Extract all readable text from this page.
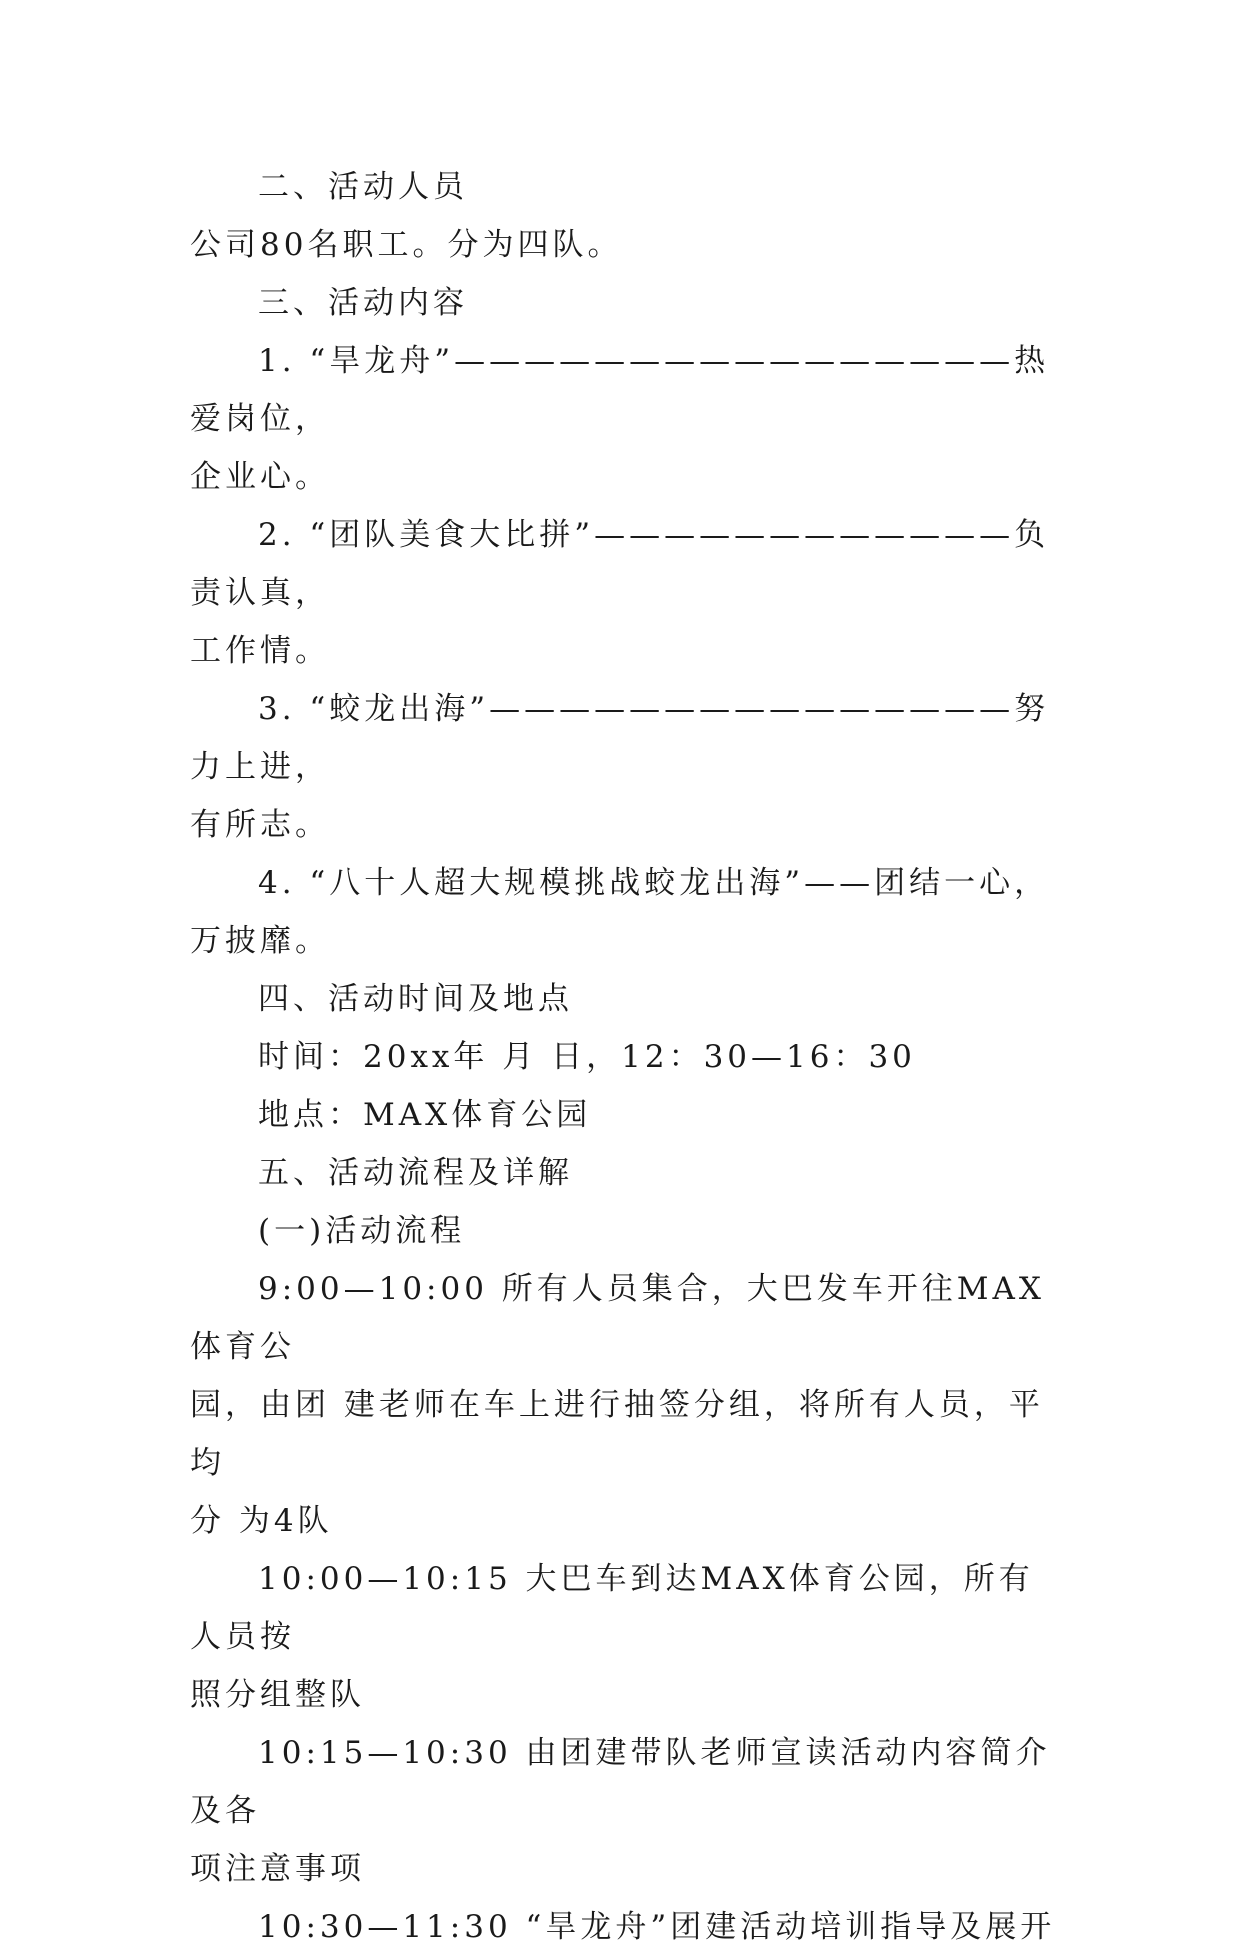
二、活动人员

公司80名职工。分为四队。

三、活动内容

1. “旱龙舟”————————————————热爱岗位，

企业心。

2. “团队美食大比拼”————————————负责认真，

工作情。

3. “蛟龙出海”———————————————努力上进，

有所志。

4. “八十人超大规模挑战蛟龙出海”——团结一心，

万披靡。

四、活动时间及地点

时间：20xx年 月 日，12：30—16：30

地点：MAX体育公园

五、活动流程及详解

(一)活动流程

9:00—10:00 所有人员集合，大巴发车开往MAX体育公

园，由团 建老师在车上进行抽签分组，将所有人员，平均

分 为4队

10:00—10:15 大巴车到达MAX体育公园，所有人员按

照分组整队

10:15—10:30 由团建带队老师宣读活动内容简介及各

项注意事项

10:30—11:30 “旱龙舟”团建活动培训指导及展开
